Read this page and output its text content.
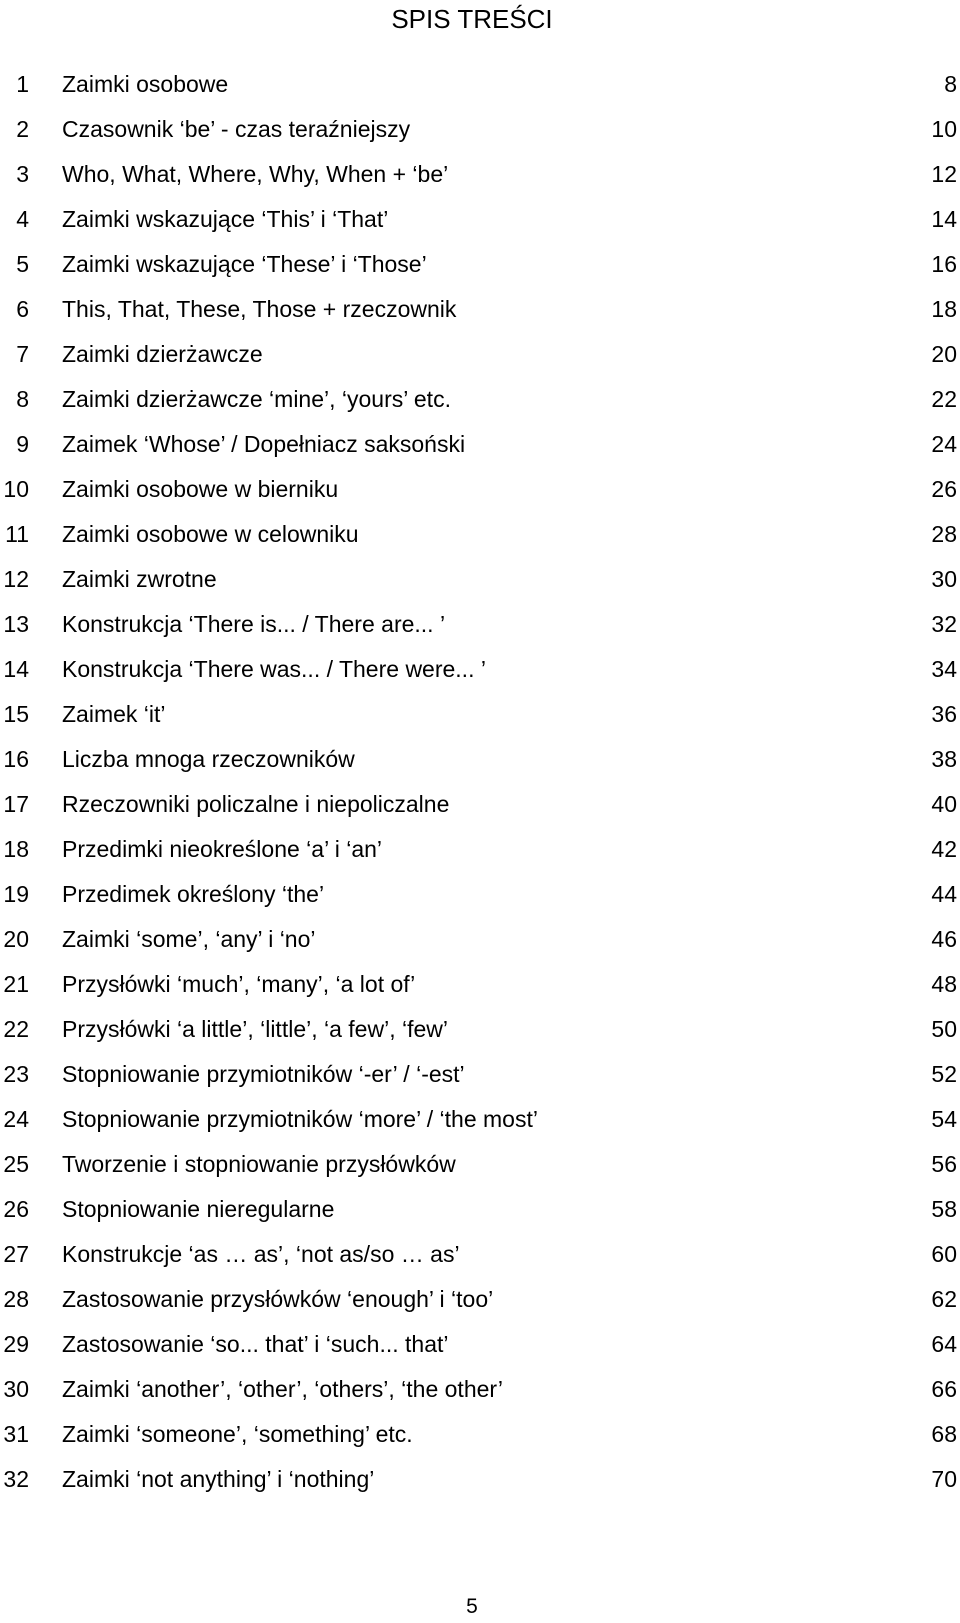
SPIS TREŚCI
1 Zaimki osobowe	8
2 Czasownik ‘be’ - czas teraźniejszy	10
3 Who, What, Where, Why, When + ‘be’	12
4 Zaimki wskazujące ‘This’ i ‘That’	14
5 Zaimki wskazujące ‘These’ i ‘Those’	16
6 This, That, These, Those + rzeczownik	18
7 Zaimki dzierżawcze	20
8 Zaimki dzierżawcze ‘mine’, ‘yours’ etc.	22
9 Zaimek ‘Whose’ / Dopełniacz saksoński	24
10 Zaimki osobowe w bierniku	26
11 Zaimki osobowe w celowniku	28
12 Zaimki zwrotne	30
13 Konstrukcja ‘There is... / There are... ’	32
14 Konstrukcja ‘There was... / There were... ’	34
15 Zaimek ‘it’	36
16 Liczba mnoga rzeczowników	38
17 Rzeczowniki policzalne i niepoliczalne	40
18 Przedimki nieokreślone ‘a’ i ‘an’	42
19 Przedimek określony ‘the’	44
20 Zaimki ‘some’, ‘any’ i ‘no’	46
21 Przysłówki ‘much’, ‘many’, ‘a lot of’	48
22 Przysłówki ‘a little’, ‘little’, ‘a few’, ‘few’	50
23 Stopniowanie przymiotników ‘-er’ / ‘-est’	52
24 Stopniowanie przymiotników ‘more’ / ‘the most’	54
25 Tworzenie i stopniowanie przysłówków	56
26 Stopniowanie nieregularne	58
27 Konstrukcje ‘as … as’, ‘not as/so … as’	60
28 Zastosowanie przysłówków ‘enough’ i ‘too’	62
29 Zastosowanie ‘so... that’ i ‘such... that’	64
30 Zaimki ‘another’, ‘other’, ‘others’, ‘the other’	66
31 Zaimki ‘someone’, ‘something’ etc.	68
32 Zaimki ‘not anything’ i ‘nothing’	70
5
